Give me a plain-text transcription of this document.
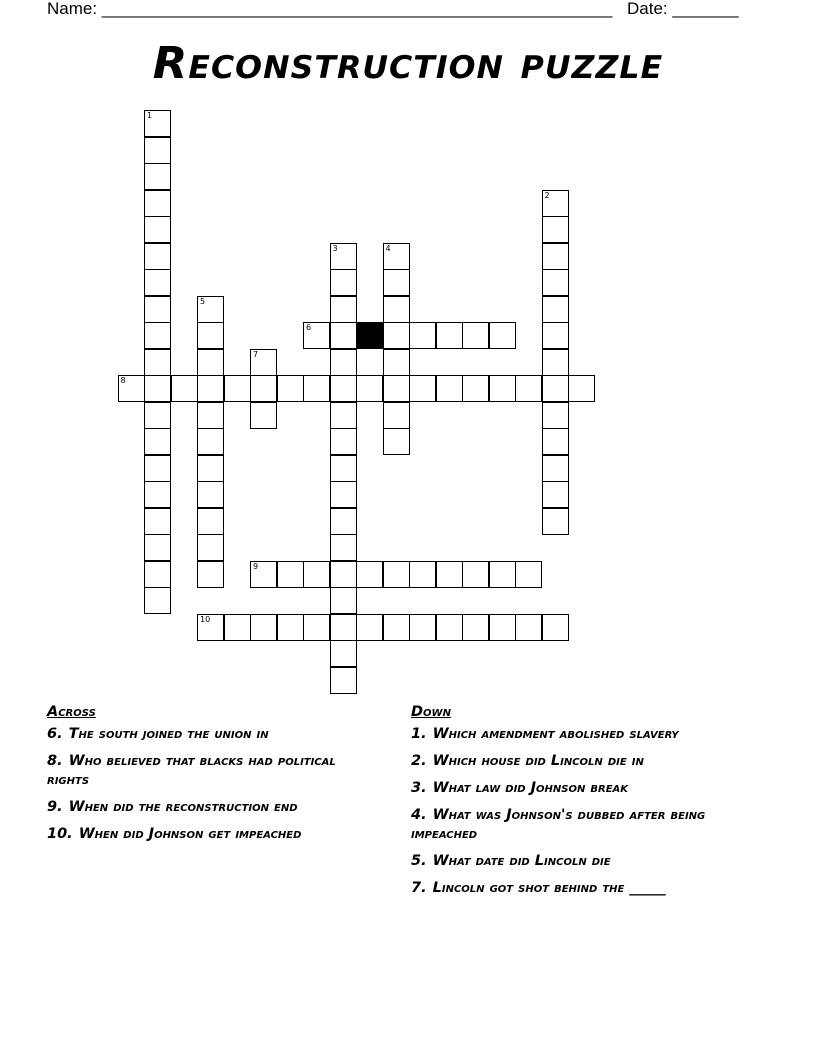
Name: ______________________________________________________ Date: _______
Reconstruction puzzle
1
2
3	4
5
6
7
8
9
10
Across
6. The south joined the union in
8. Who believed that blacks had political rights
9. When did the reconstruction end
10. When did Johnson get impeached
Down
1. Which amendment abolished slavery
2. Which house did Lincoln die in
3. What law did Johnson break
4. What was Johnson's dubbed after being impeached
5. What date did Lincoln die
7. Lincoln got shot behind the _____
